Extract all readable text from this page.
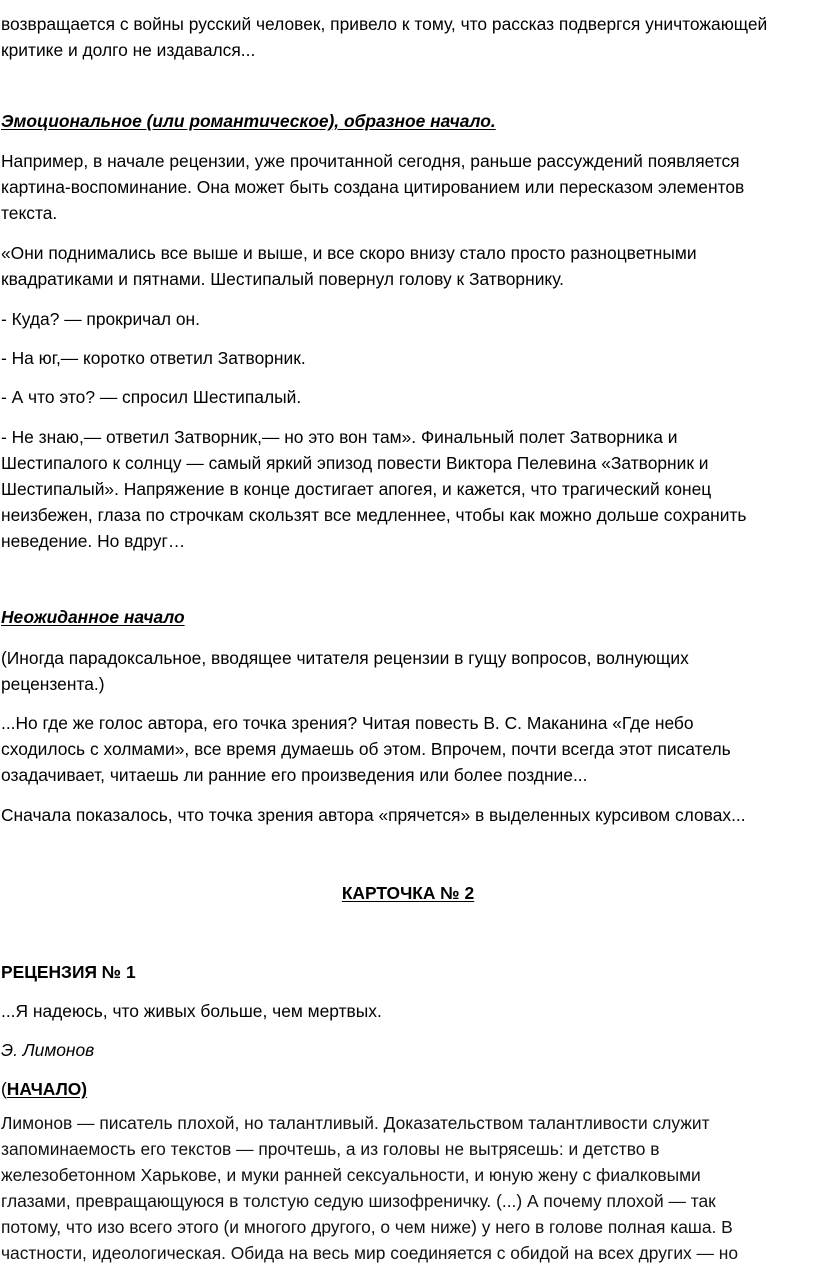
возвращается с войны русский человек, привело к тому, что рассказ подвергся уничтожающей

критике и долго не издавался...

Эмоциональное (или романтическое), образное начало.

Например, в начале рецензии, уже прочитанной сегодня, раньше рассуждений появляется

картина-воспоминание. Она может быть создана цитированием или пересказом элементов

текста.

«Они поднимались все выше и выше, и все скоро внизу стало просто разноцветными

квадратиками и пятнами. Шестипалый повернул голову к Затворнику.

- Куда? — прокричал он.

- На юг,— коротко ответил Затворник.

- А что это? — спросил Шестипалый.

- Не знаю,— ответил Затворник,— но это вон там». Финальный полет Затворника и

Шестипалого к солнцу — самый яркий эпизод повести Виктора Пелевина «Затворник и

Шестипалый». Напряжение в конце достигает апогея, и кажется, что трагический конец

неизбежен, глаза по строчкам скользят все медленнее, чтобы как можно дольше сохранить

неведение. Но вдруг…

Неожиданное начало

(Иногда парадоксальное, вводящее читателя рецензии в гущу вопросов, волнующих

рецензента.)

...Но где же голос автора, его точка зрения? Читая повесть В. С. Маканина «Где небо

сходилось с холмами», все время думаешь об этом. Впрочем, почти всегда этот писатель

озадачивает, читаешь ли ранние его произведения или более поздние...

Сначала показалось, что точка зрения автора «прячется» в выделенных курсивом словах...

КАРТОЧКА № 2

РЕЦЕНЗИЯ № 1

...Я надеюсь, что живых больше, чем мертвых.

Э. Лимонов

(НАЧАЛО)

Лимонов — писатель плохой, но талантливый. Доказательством талантливости служит

запоминаемость его текстов — прочтешь, а из головы не вытрясешь: и детство в

железобетонном Харькове, и муки ранней сексуальности, и юную жену с фиалковыми

глазами, превращающуюся в толстую седую шизофреничку. (...) А почему плохой — так

потому, что изо всего этого (и многого другого, о чем ниже) у него в голове полная каша. В

частности, идеологическая. Обида на весь мир соединяется с обидой на всех других — но
